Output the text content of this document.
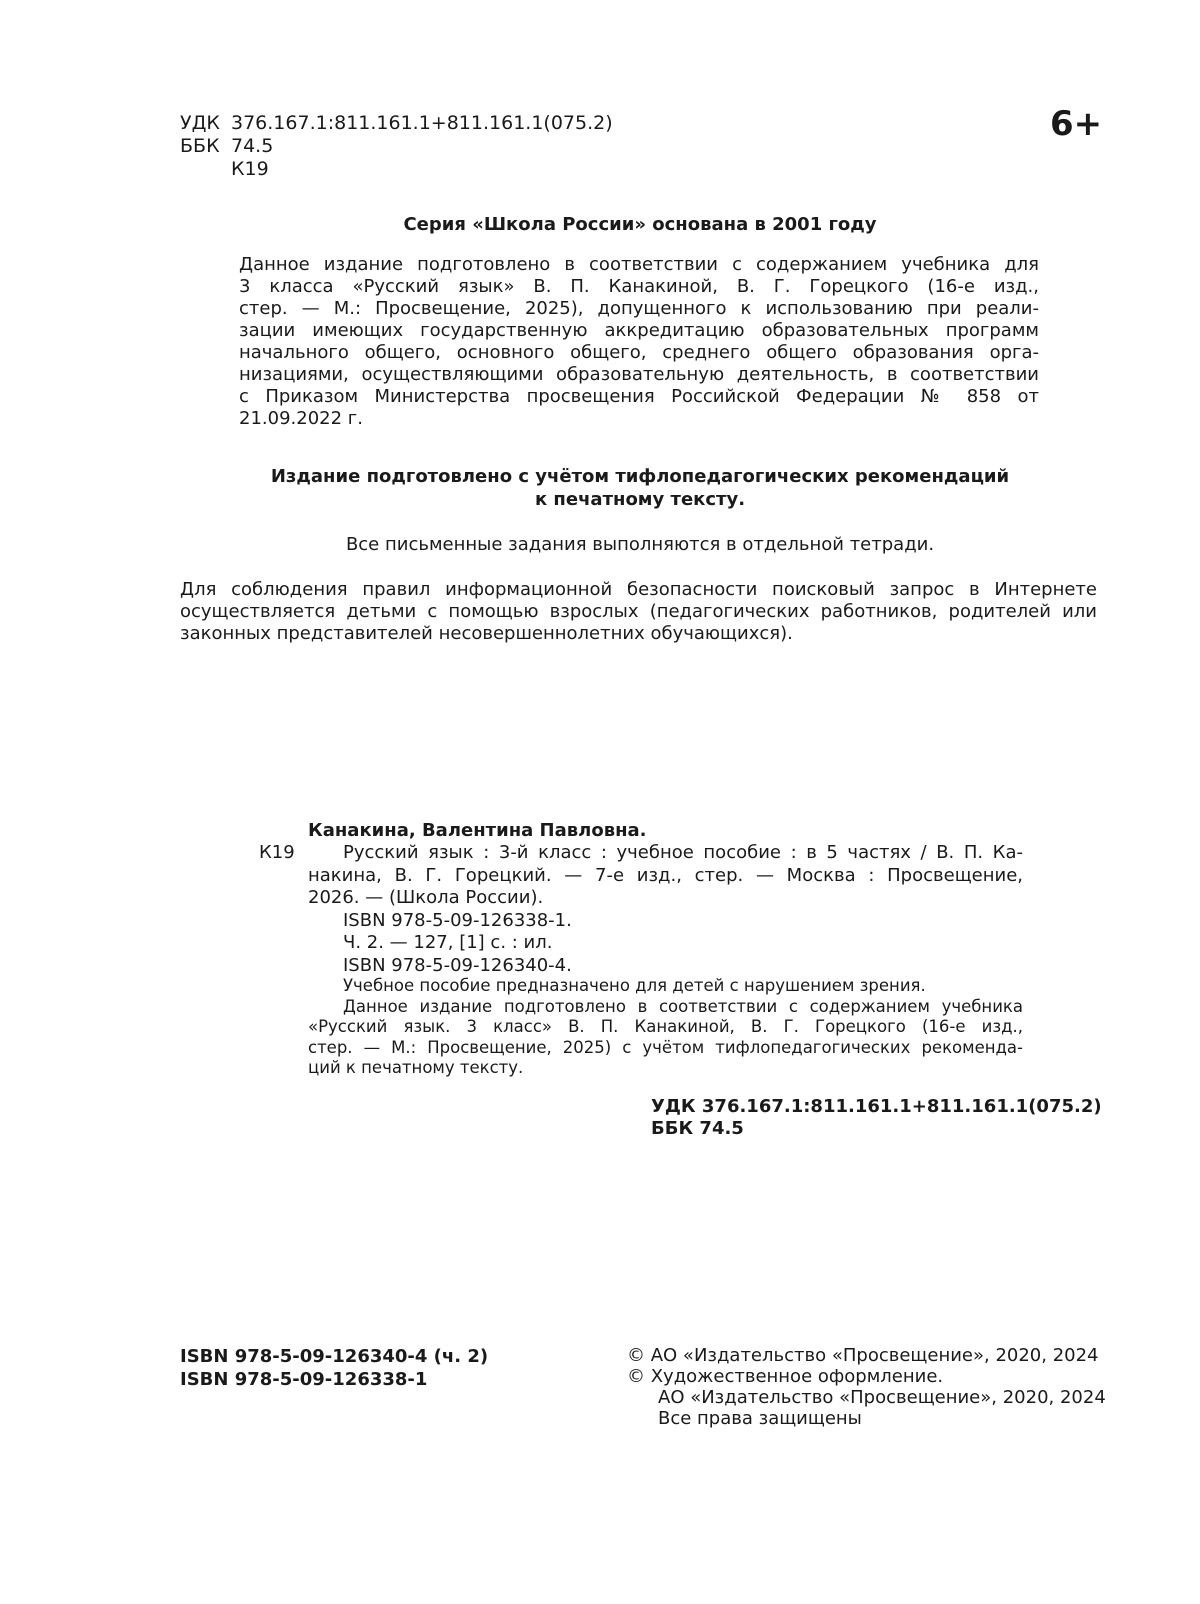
УДК 376.167.1:811.161.1+811.161.1(075.2)
ББК 74.5
К19
6+
Серия «Школа России» основана в 2001 году
Данное издание подготовлено в соответствии с содержанием учебника для
3 класса «Русский язык» В. П. Канакиной, В. Г. Горецкого (16-е изд.,
стер. — М.: Просвещение, 2025), допущенного к использованию при реали-
зации имеющих государственную аккредитацию образовательных программ
начального общего, основного общего, среднего общего образования орга-
низациями, осуществляющими образовательную деятельность, в соответствии
с Приказом Министерства просвещения Российской Федерации № 858 от
21.09.2022 г.
Издание подготовлено с учётом тифлопедагогических рекомендаций
к печатному тексту.
Все письменные задания выполняются в отдельной тетради.
Для соблюдения правил информационной безопасности поисковый запрос в Интернете
осуществляется детьми с помощью взрослых (педагогических работников, родителей или
законных представителей несовершеннолетних обучающихся).
Канакина, Валентина Павловна.
К19	Русский язык : 3-й класс : учебное пособие : в 5 частях / В. П. Ка-
накина, В. Г. Горецкий. — 7-е изд., стер. — Москва : Просвещение,
2026. — (Школа России).
ISBN 978-5-09-126338-1.
Ч. 2. — 127, [1] с. : ил.
ISBN 978-5-09-126340-4.
Учебное пособие предназначено для детей с нарушением зрения.
Данное издание подготовлено в соответствии с содержанием учебника
«Русский язык. 3 класс» В. П. Канакиной, В. Г. Горецкого (16-е изд.,
стер. — М.: Просвещение, 2025) с учётом тифлопедагогических рекоменда-
ций к печатному тексту.
УДК 376.167.1:811.161.1+811.161.1(075.2)
ББК 74.5
ISBN 978-5-09-126340-4 (ч. 2)
ISBN 978-5-09-126338-1
© АО «Издательство «Просвещение», 2020, 2024
© Художественное оформление.
АО «Издательство «Просвещение», 2020, 2024
Все права защищены
